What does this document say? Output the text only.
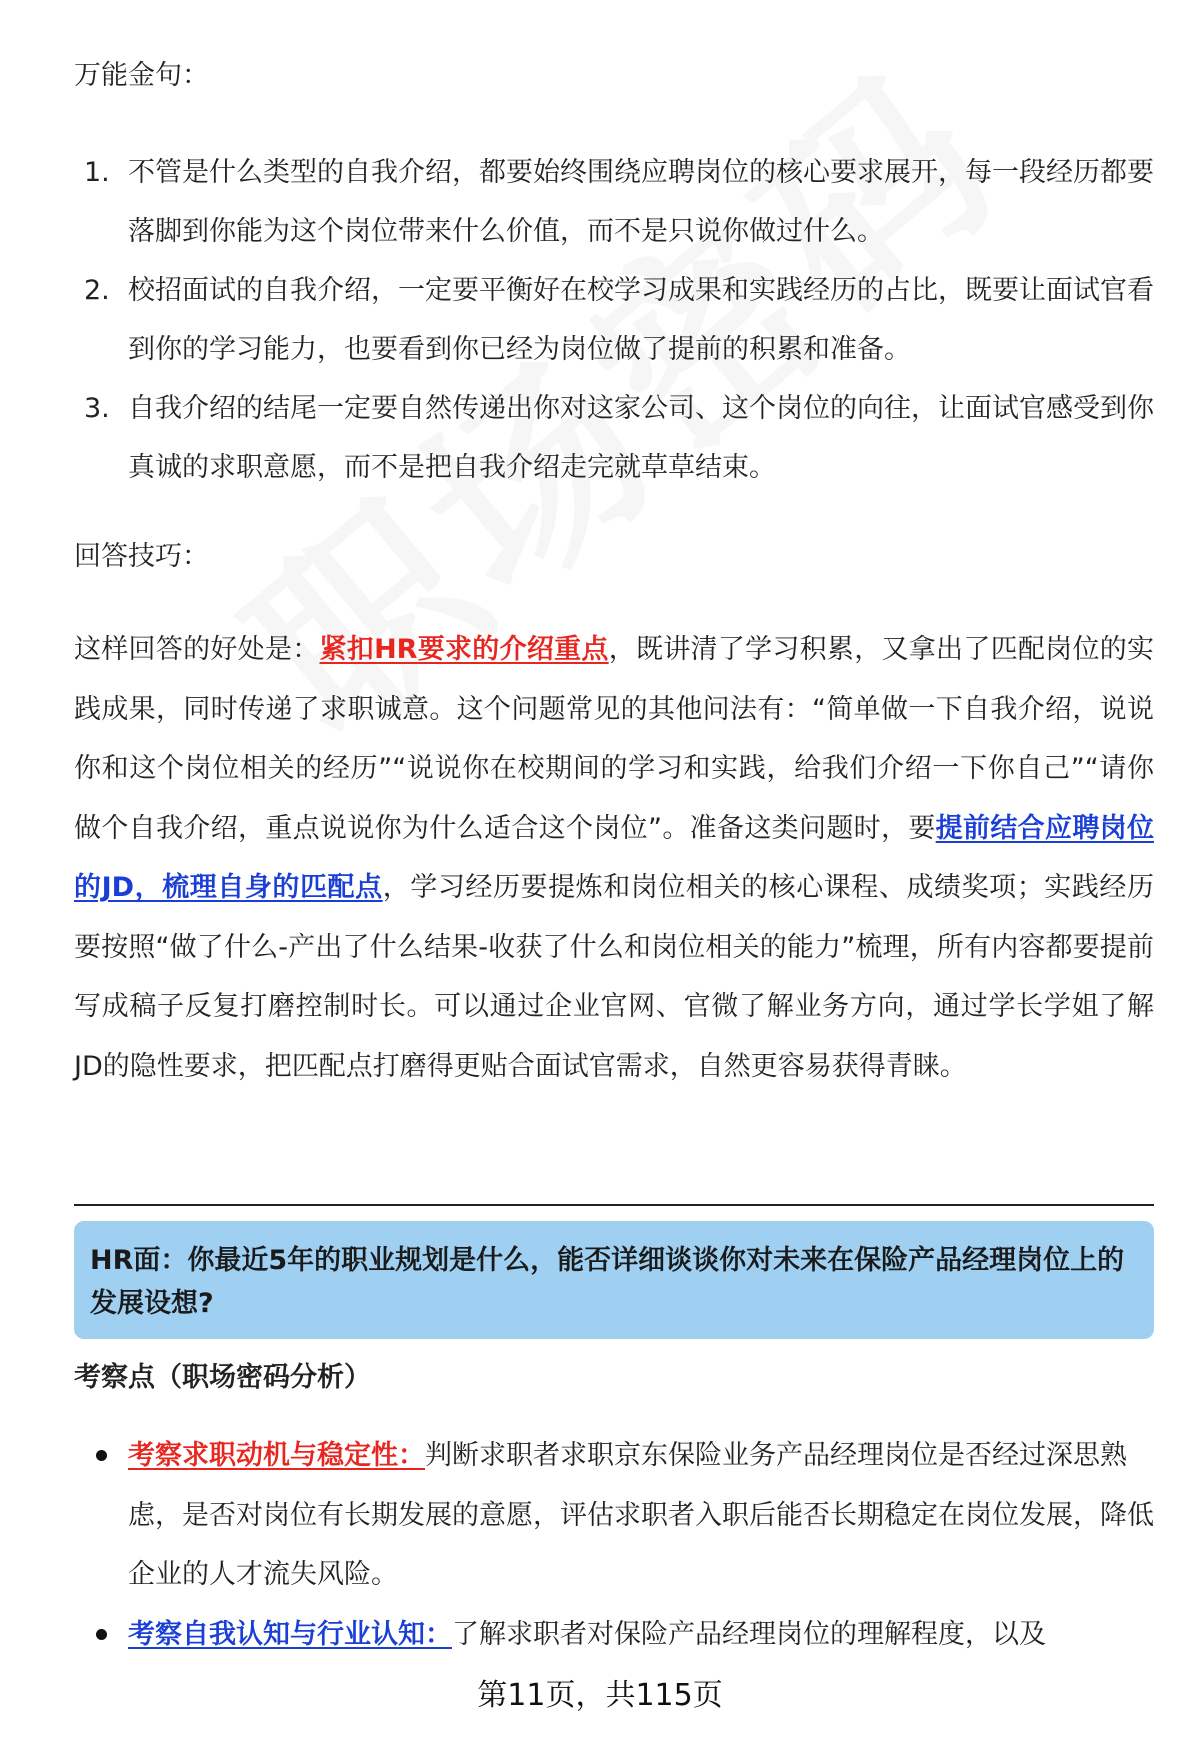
万能金句：

1. 不管是什么类型的自我介绍，都要始终围绕应聘岗位的核心要求展开，每一段经历都要落脚到你能为这个岗位带来什么价值，而不是只说你做过什么。
2. 校招面试的自我介绍，一定要平衡好在校学习成果和实践经历的占比，既要让面试官看到你的学习能力，也要看到你已经为岗位做了提前的积累和准备。
3. 自我介绍的结尾一定要自然传递出你对这家公司、这个岗位的向往，让面试官感受到你真诚的求职意愿，而不是把自我介绍走完就草草结束。

回答技巧：

这样回答的好处是：紧扣HR要求的介绍重点，既讲清了学习积累，又拿出了匹配岗位的实践成果，同时传递了求职诚意。这个问题常见的其他问法有：“简单做一下自我介绍，说说你和这个岗位相关的经历”“说说你在校期间的学习和实践，给我们介绍一下你自己”“请你做个自我介绍，重点说说你为什么适合这个岗位”。准备这类问题时，要提前结合应聘岗位的JD，梳理自身的匹配点，学习经历要提炼和岗位相关的核心课程、成绩奖项；实践经历要按照“做了什么-产出了什么结果-收获了什么和岗位相关的能力”梳理，所有内容都要提前写成稿子反复打磨控制时长。可以通过企业官网、官微了解业务方向，通过学长学姐了解JD的隐性要求，把匹配点打磨得更贴合面试官需求，自然更容易获得青睐。

HR面：你最近5年的职业规划是什么，能否详细谈谈你对未来在保险产品经理岗位上的发展设想?

考察点（职场密码分析）

考察求职动机与稳定性：判断求职者求职京东保险业务产品经理岗位是否经过深思熟虑，是否对岗位有长期发展的意愿，评估求职者入职后能否长期稳定在岗位发展，降低企业的人才流失风险。
考察自我认知与行业认知：了解求职者对保险产品经理岗位的理解程度，以及
第11页，共115页
